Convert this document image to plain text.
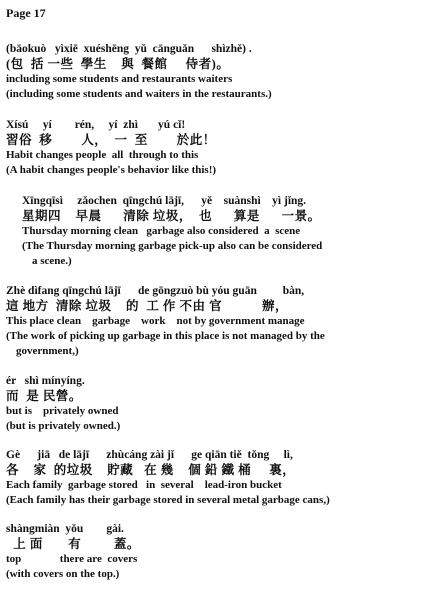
Page 17
(bāokuò   yìxiē  xuéshēng  yǔ  cānguǎn      shìzhě) .
(包  括 一些  學生    與  餐館     侍者)。
including some students and restaurants waiters
(including some students and waiters in the restaurants.)
Xísú     yí        rén,     yí  zhì       yú cǐ!
習俗  移        人，  一  至        於此！
Habit changes people  all  through to this
(A habit changes people's behavior like this!)
Xīngqīsì     zǎochen  qīngchú lājī,      yě    suànshì    yì jǐng.
星期四    早晨      清除 垃圾，  也      算是      一景。
Thursday morning clean   garbage also considered  a  scene
(The Thursday morning garbage pick-up also can be considered
a scene.)
Zhè dìfang qīngchú lājī      de gōngzuò bù yóu guān         bàn,
這 地方  清除 垃圾    的  工 作 不由 官           辦，
This place clean    garbage    work    not by government manage
(The work of picking up garbage in this place is not managed by the
government,)
ér   shì mínyíng.
而  是 民營。
but is    privately owned
(but is privately owned.)
Gè      jiā   de lājī      zhùcáng zài jǐ      ge qiān tiě  tǒng     lì,
各    家  的垃圾    貯藏   在 幾    個 鉛 鐵 桶     裏，
Each family  garbage stored   in  several    lead-iron bucket
(Each family has their garbage stored in several metal garbage cans,)
shàngmiàn  yǒu        gài.
上 面       有         蓋。
top              there are  covers
(with covers on the top.)
